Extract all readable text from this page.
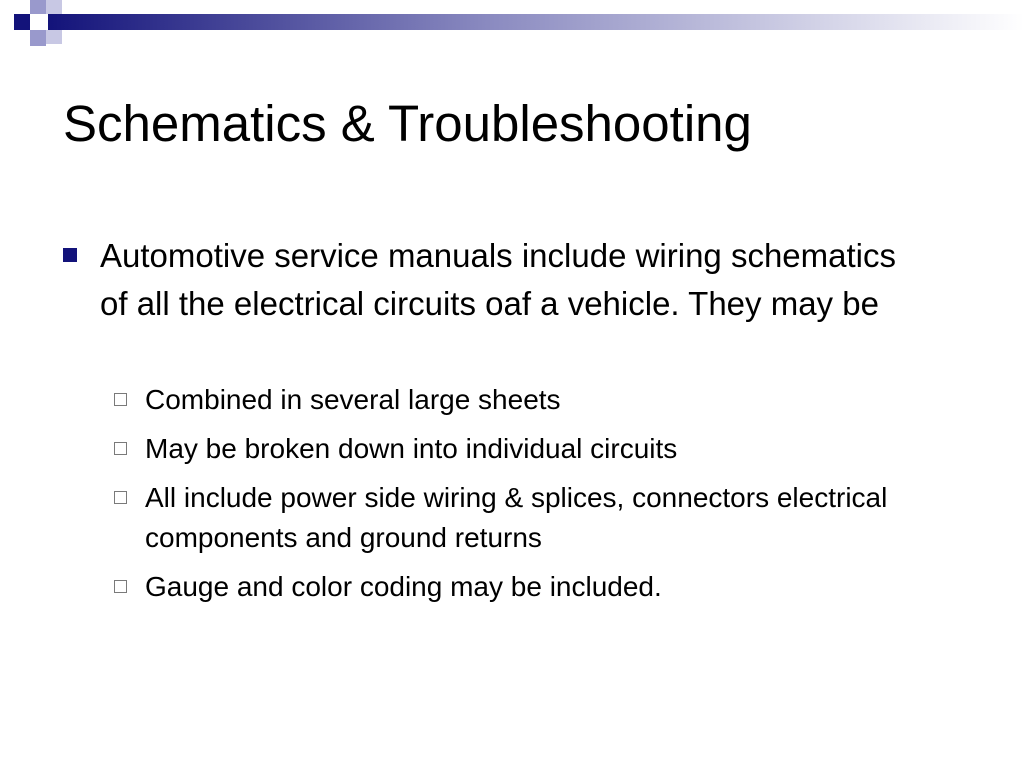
Schematics & Troubleshooting

Automotive service manuals include wiring schematics of all the electrical circuits oaf a vehicle. They may be

Combined in several large sheets

May be broken down into individual circuits

All include power side wiring & splices, connectors electrical components and ground returns

Gauge and color coding may be included.
